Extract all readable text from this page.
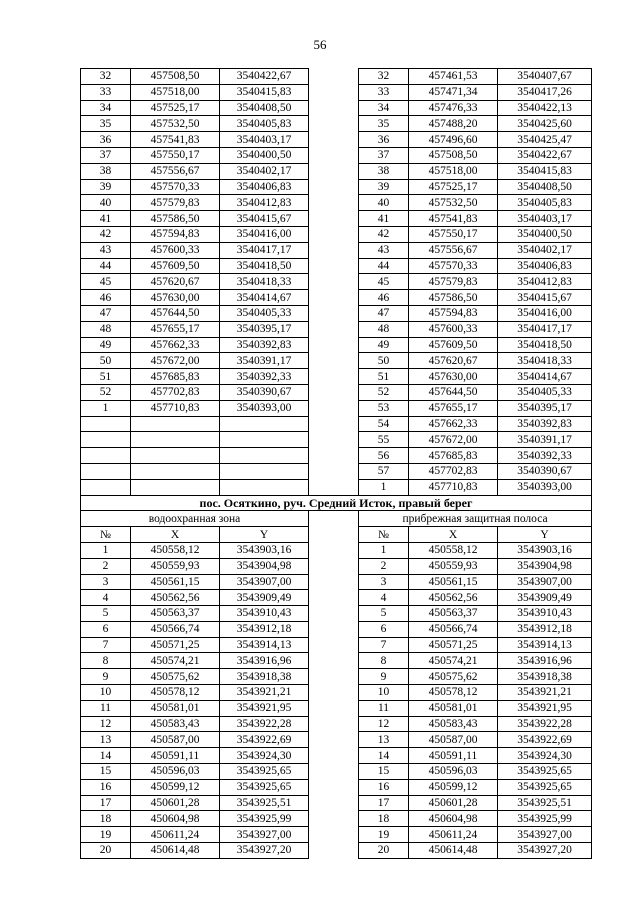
56
32	457508,50	3540422,67		32	457461,53	3540407,67
33	457518,00	3540415,83		33	457471,34	3540417,26
34	457525,17	3540408,50		34	457476,33	3540422,13
35	457532,50	3540405,83		35	457488,20	3540425,60
36	457541,83	3540403,17		36	457496,60	3540425,47
37	457550,17	3540400,50		37	457508,50	3540422,67
38	457556,67	3540402,17		38	457518,00	3540415,83
39	457570,33	3540406,83		39	457525,17	3540408,50
40	457579,83	3540412,83		40	457532,50	3540405,83
41	457586,50	3540415,67		41	457541,83	3540403,17
42	457594,83	3540416,00		42	457550,17	3540400,50
43	457600,33	3540417,17		43	457556,67	3540402,17
44	457609,50	3540418,50		44	457570,33	3540406,83
45	457620,67	3540418,33		45	457579,83	3540412,83
46	457630,00	3540414,67		46	457586,50	3540415,67
47	457644,50	3540405,33		47	457594,83	3540416,00
48	457655,17	3540395,17		48	457600,33	3540417,17
49	457662,33	3540392,83		49	457609,50	3540418,50
50	457672,00	3540391,17		50	457620,67	3540418,33
51	457685,83	3540392,33		51	457630,00	3540414,67
52	457702,83	3540390,67		52	457644,50	3540405,33
1	457710,83	3540393,00		53	457655,17	3540395,17
				54	457662,33	3540392,83
				55	457672,00	3540391,17
				56	457685,83	3540392,33
				57	457702,83	3540390,67
				1	457710,83	3540393,00
пос. Осяткино, руч. Средний Исток, правый берег						
водоохранная зона				прибрежная защитная полоса		
№	X	Y		№	X	Y
1	450558,12	3543903,16		1	450558,12	3543903,16
2	450559,93	3543904,98		2	450559,93	3543904,98
3	450561,15	3543907,00		3	450561,15	3543907,00
4	450562,56	3543909,49		4	450562,56	3543909,49
5	450563,37	3543910,43		5	450563,37	3543910,43
6	450566,74	3543912,18		6	450566,74	3543912,18
7	450571,25	3543914,13		7	450571,25	3543914,13
8	450574,21	3543916,96		8	450574,21	3543916,96
9	450575,62	3543918,38		9	450575,62	3543918,38
10	450578,12	3543921,21		10	450578,12	3543921,21
11	450581,01	3543921,95		11	450581,01	3543921,95
12	450583,43	3543922,28		12	450583,43	3543922,28
13	450587,00	3543922,69		13	450587,00	3543922,69
14	450591,11	3543924,30		14	450591,11	3543924,30
15	450596,03	3543925,65		15	450596,03	3543925,65
16	450599,12	3543925,65		16	450599,12	3543925,65
17	450601,28	3543925,51		17	450601,28	3543925,51
18	450604,98	3543925,99		18	450604,98	3543925,99
19	450611,24	3543927,00		19	450611,24	3543927,00
20	450614,48	3543927,20		20	450614,48	3543927,20
